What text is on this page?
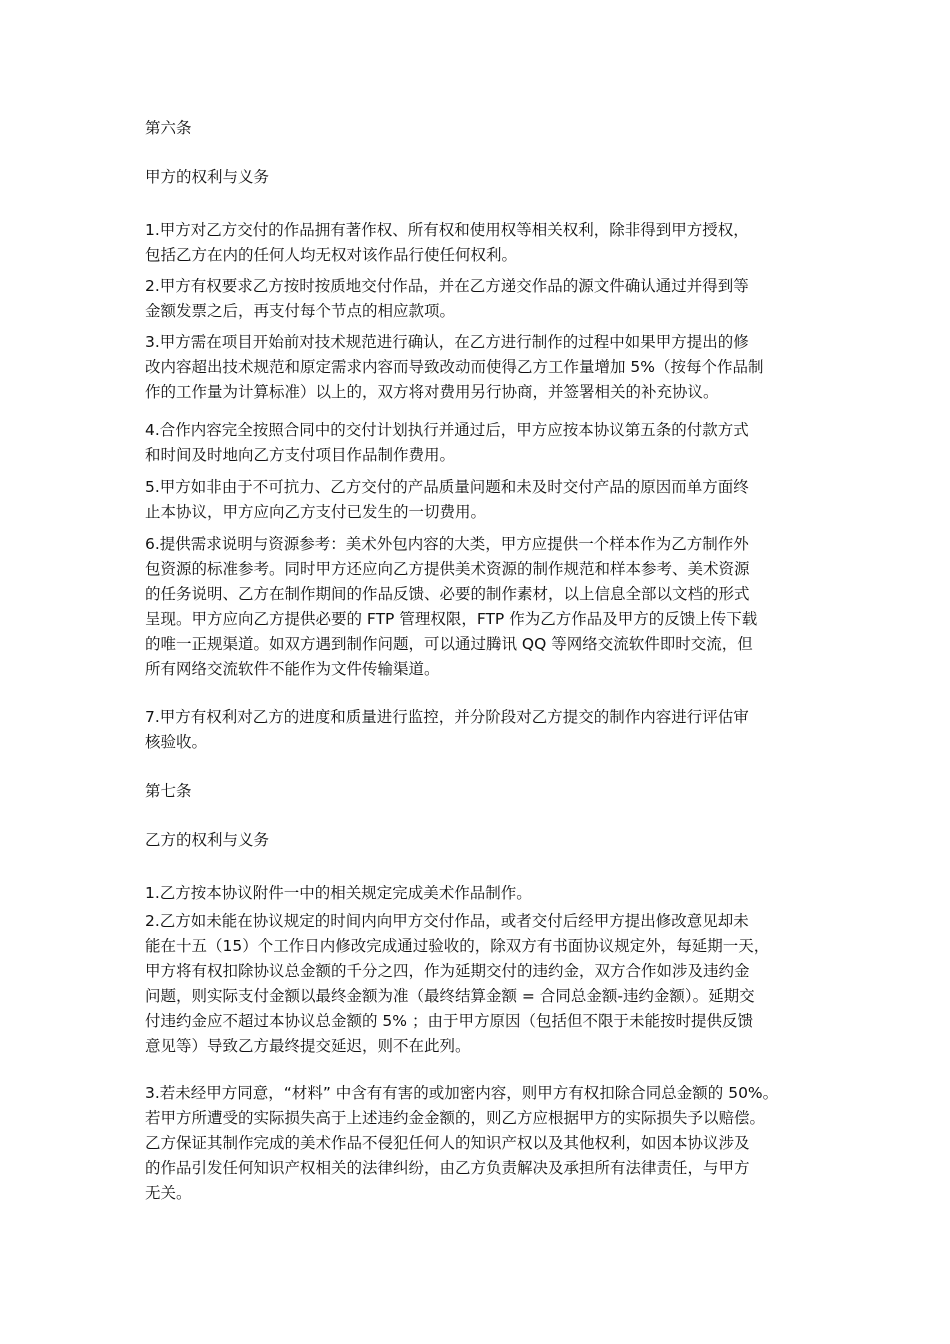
第六条

甲方的权利与义务

1.甲方对乙方交付的作品拥有著作权、所有权和使用权等相关权利，除非得到甲方授权，
包括乙方在内的任何人均无权对该作品行使任何权利。

2.甲方有权要求乙方按时按质地交付作品，并在乙方递交作品的源文件确认通过并得到等
金额发票之后，再支付每个节点的相应款项。

3.甲方需在项目开始前对技术规范进行确认，在乙方进行制作的过程中如果甲方提出的修
改内容超出技术规范和原定需求内容而导致改动而使得乙方工作量增加 5%（按每个作品制
作的工作量为计算标准）以上的，双方将对费用另行协商，并签署相关的补充协议。

4.合作内容完全按照合同中的交付计划执行并通过后，甲方应按本协议第五条的付款方式
和时间及时地向乙方支付项目作品制作费用。

5.甲方如非由于不可抗力、乙方交付的产品质量问题和未及时交付产品的原因而单方面终
止本协议，甲方应向乙方支付已发生的一切费用。

6.提供需求说明与资源参考：美术外包内容的大类，甲方应提供一个样本作为乙方制作外
包资源的标准参考。同时甲方还应向乙方提供美术资源的制作规范和样本参考、美术资源
的任务说明、乙方在制作期间的作品反馈、必要的制作素材，以上信息全部以文档的形式
呈现。甲方应向乙方提供必要的 FTP 管理权限，FTP 作为乙方作品及甲方的反馈上传下载
的唯一正规渠道。如双方遇到制作问题，可以通过腾讯 QQ 等网络交流软件即时交流，但
所有网络交流软件不能作为文件传输渠道。

7.甲方有权利对乙方的进度和质量进行监控，并分阶段对乙方提交的制作内容进行评估审
核验收。

第七条

乙方的权利与义务

1.乙方按本协议附件一中的相关规定完成美术作品制作。

2.乙方如未能在协议规定的时间内向甲方交付作品，或者交付后经甲方提出修改意见却未
能在十五（15）个工作日内修改完成通过验收的，除双方有书面协议规定外，每延期一天，
甲方将有权扣除协议总金额的千分之四，作为延期交付的违约金，双方合作如涉及违约金
问题，则实际支付金额以最终金额为准（最终结算金额 = 合同总金额-违约金额）。延期交
付违约金应不超过本协议总金额的 5% ；由于甲方原因（包括但不限于未能按时提供反馈
意见等）导致乙方最终提交延迟，则不在此列。

3.若未经甲方同意，“材料” 中含有有害的或加密内容，则甲方有权扣除合同总金额的 50%。
若甲方所遭受的实际损失高于上述违约金金额的，则乙方应根据甲方的实际损失予以赔偿。
乙方保证其制作完成的美术作品不侵犯任何人的知识产权以及其他权利，如因本协议涉及
的作品引发任何知识产权相关的法律纠纷，由乙方负责解决及承担所有法律责任，与甲方
无关。
